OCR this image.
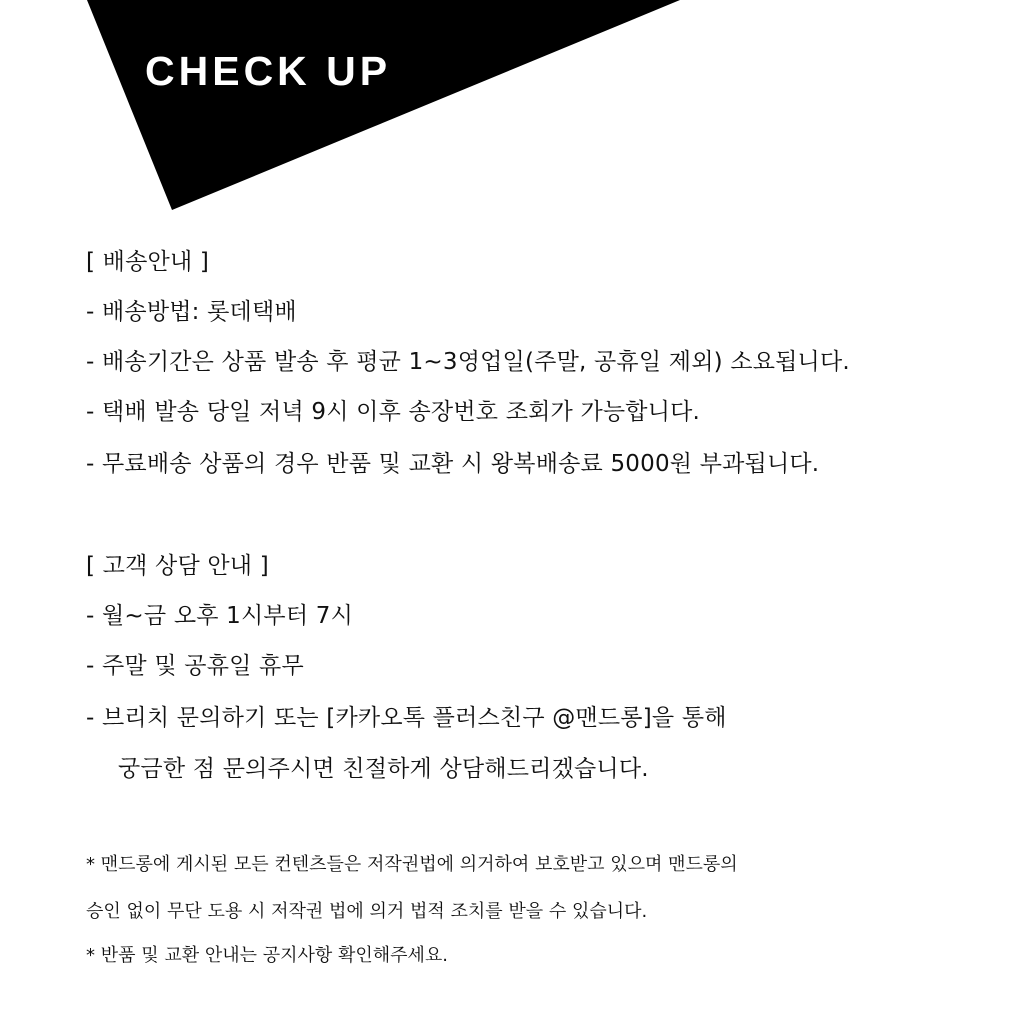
CHECK UP
[ 배송안내 ]
- 배송방법: 롯데택배
- 배송기간은 상품 발송 후 평균 1~3영업일(주말, 공휴일 제외) 소요됩니다.
- 택배 발송 당일 저녁 9시 이후 송장번호 조회가 가능합니다.
- 무료배송 상품의 경우 반품 및 교환 시 왕복배송료 5000원 부과됩니다.
[ 고객 상담 안내 ]
- 월~금 오후 1시부터 7시
- 주말 및 공휴일 휴무
- 브리치 문의하기 또는 [카카오톡 플러스친구 @맨드롱]을 통해
궁금한 점 문의주시면 친절하게 상담해드리겠습니다.
* 맨드롱에 게시된 모든 컨텐츠들은 저작권법에 의거하여 보호받고 있으며 맨드롱의
승인 없이 무단 도용 시 저작권 법에 의거 법적 조치를 받을 수 있습니다.
* 반품 및 교환 안내는 공지사항 확인해주세요.
